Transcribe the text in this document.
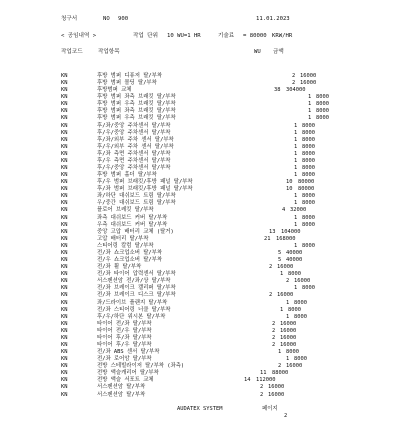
청구서	NO 900	11.01.2023
< 공임내역 >	작업 단위 10 WU=1 HR	기술료 = 80000 KRW/HR
작업코드	작업항목	WU 금액
KN	후방 범퍼 디퓨저 탈/부착	2 16000
KN	후방 범퍼 몰딩 탈/부착	2 16000
KN	후방범퍼 교체	38 304000
KN	후방 범퍼 좌측 브래킷 탈/부착	1 8000
KN	후방 범퍼 우측 브래킷 탈/부착	1 8000
KN	후방 범퍼 좌측 브래킷 탈/부착	1 8000
KN	후방 범퍼 우측 브래킷 탈/부착	1 8000
KN	후/좌/중앙 주차센서 탈/부착	1 8000
KN	후/우/중앙 주차센서 탈/부착	1 8000
KN	후/좌/외부 주차 센서 탈/부착	1 8000
KN	후/우/외부 주차 센서 탈/부착	1 8000
KN	후/좌 측면 주차센서 탈/부착	1 8000
KN	후/우 측면 주차센서 탈/부착	1 8000
KN	후/우/중앙 주차센서 탈/부착	1 8000
KN	후방 범퍼 홀더 탈/부착	1 8000
KN	후/우 범퍼 브래킷/후방 패널 탈/부착	10 80000
KN	후/좌 범퍼 브래킷/후방 패널 탈/부착	10 80000
KN	좌/하단 대쉬보드 트림 탈/부착	1 8000
KN	우/중간 대쉬보드 트림 탈/부착	1 8000
KN	플로어 브레킷 탈/부착	4 32000
KN	좌측 대쉬보드 커버 탈/부착	1 8000
KN	우측 대쉬보드 커버 탈/부착	1 8000
KN	중앙 고압 배터리 교체 (탈거)	13 104000
KN	고압 배터리 탈/부착	21 168000
KN	스티어링 칼럼 탈/부착	1 8000
KN	전/좌 쇼크업소버 탈/부착	5 40000
KN	전/우 쇼크업소버 탈/부착	5 40000
KN	전/좌 휠 탈/부착	2 16000
KN	전/좌 타이어 압력센서 탈/부착	1 8000
KN	서스펜션암 전/좌/상 탈/부착	2 16000
KN	전/좌 브레이크 캘리퍼 탈/부착	1 8000
KN	전/좌 브레이크 디스크 탈/부착	2 16000
KN	좌/드라이브 플랜지 탈/부착	1 8000
KN	전/좌 스티어링 너클 탈/부착	1 8000
KN	후/우/하단 위시본 탈/부착	1 8000
KN	타이어 전/좌 탈/부착	2 16000
KN	타이어 전/우 탈/부착	2 16000
KN	타이어 후/좌 탈/부착	2 16000
KN	타이어 후/우 탈/부착	2 16000
KN	전/좌 ABS 센서 탈/부착	1 8000
KN	전/좌 로어암 탈/부착	1 8000
KN	전방 스테빌라이저 탈/부착 (좌측)	2 16000
KN	전방 액슬캐리어 탈/부착	11 88000
KN	전방 액슬 서포트 교체	14 112000
KN	서스펜션암 탈/부착	2 16000
KN	서스펜션암 탈/부착	2 16000

AUDATEX SYSTEM

	페이지

2
